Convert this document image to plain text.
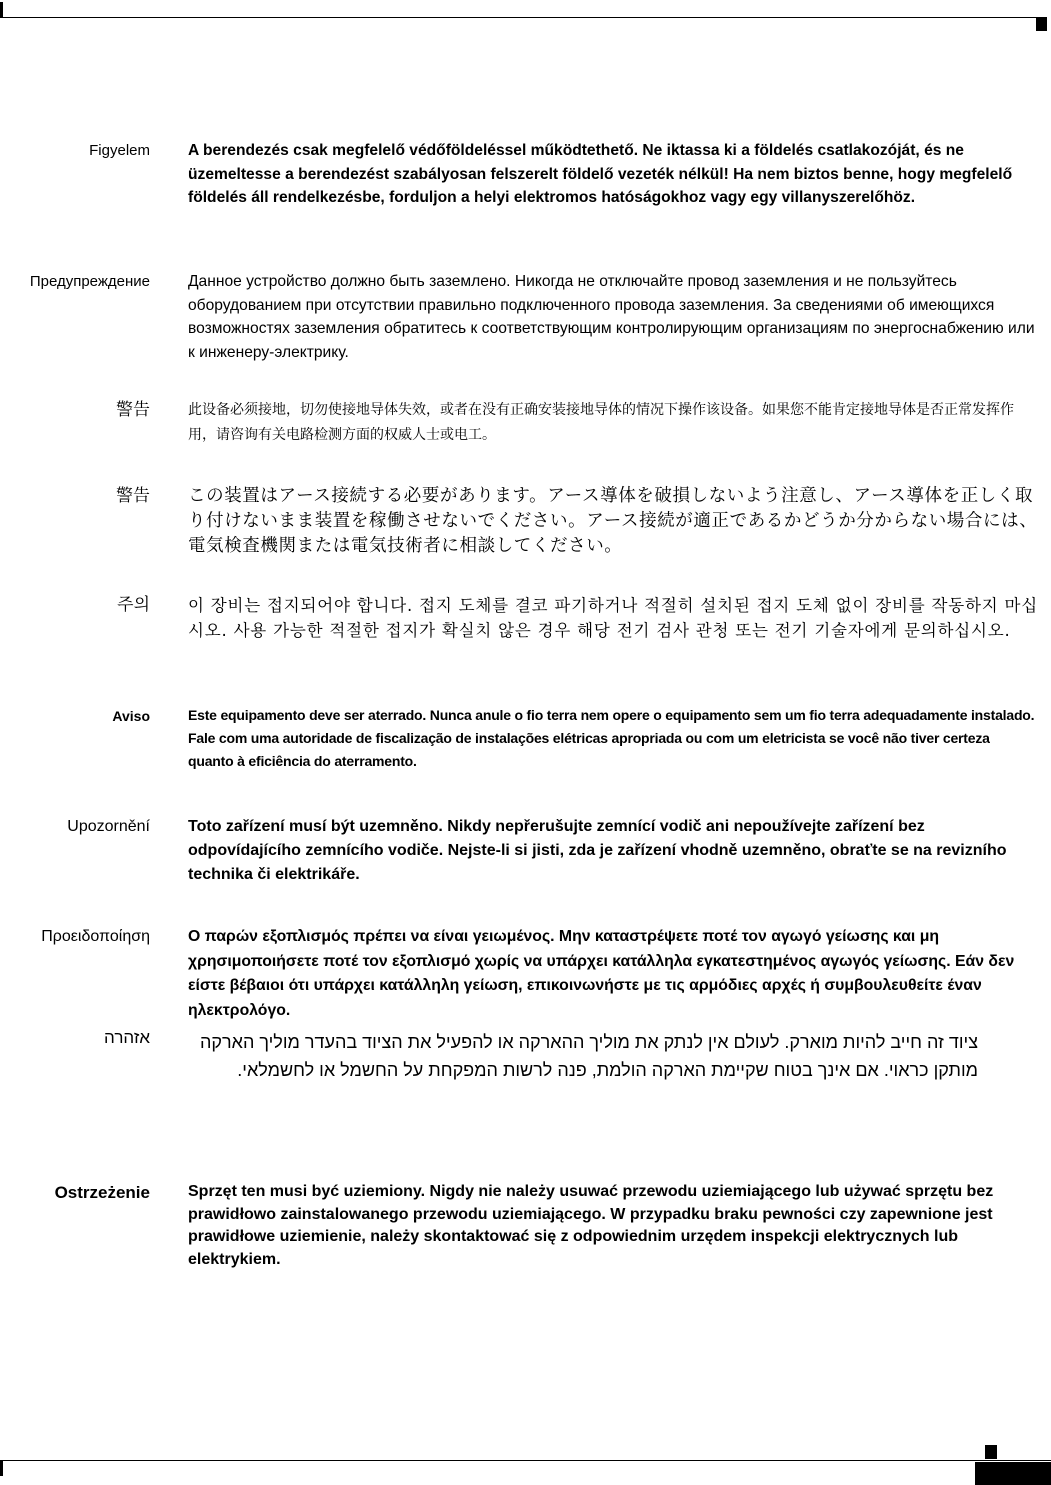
Figyelem A berendezés csak megfelelő védőföldeléssel működtethető. Ne iktassa ki a földelés csatlakozóját, és ne üzemeltesse a berendezést szabályosan felszerelt földelő vezeték nélkül! Ha nem biztos benne, hogy megfelelő földelés áll rendelkezésbe, forduljon a helyi elektromos hatóságokhoz vagy egy villanyszerelőhöz.
Предупреждение Данное устройство должно быть заземлено. Никогда не отключайте провод заземления и не пользуйтесь оборудованием при отсутствии правильно подключенного провода заземления. За сведениями об имеющихся возможностях заземления обратитесь к соответствующим контролирующим организациям по энергоснабжению или к инженеру-электрику.
警告	此设备必须接地，切勿使接地导体失效，或者在没有正确安装接地导体的情况下操作该设备。如果您不能肯定接地导体是否正常发挥作用，请咨询有关电路检测方面的权威人士或电工。
警告 この装置はアース接続する必要があります。アース導体を破損しないよう注意し、アース導体を正しく取り付けないまま装置を稼働させないでください。アース接続が適正であるかどうか分からない場合には、電気検査機関または電気技術者に相談してください。
주의 이 장비는 접지되어야 합니다. 접지 도체를 결코 파기하거나 적절히 설치된 접지 도체 없이 장비를 작동하지 마십시오. 사용 가능한 적절한 접지가 확실치 않은 경우 해당 전기 검사 관청 또는 전기 기술자에게 문의하십시오.
Aviso	Este equipamento deve ser aterrado. Nunca anule o fio terra nem opere o equipamento sem um fio terra adequadamente instalado. Fale com uma autoridade de fiscalização de instalações elétricas apropriada ou com um eletricista se você não tiver certeza quanto à eficiência do aterramento.
Upozornění Toto zařízení musí být uzemněno. Nikdy nepřerušujte zemnící vodič ani nepoužívejte zařízení bez odpovídajícího zemnícího vodiče. Nejste-li si jisti, zda je zařízení vhodně uzemněno, obraťte se na revizního technika či elektrikáře.
Προειδοποίηση Ο παρών εξοπλισμός πρέπει να είναι γειωμένος. Μην καταστρέψετε ποτέ τον αγωγό γείωσης και μη χρησιμοποιήσετε ποτέ τον εξοπλισμό χωρίς να υπάρχει κατάλληλα εγκατεστημένος αγωγός γείωσης. Εάν δεν είστε βέβαιοι ότι υπάρχει κατάλληλη γείωση, επικοινωνήστε με τις αρμόδιες αρχές ή συμβουλευθείτε έναν ηλεκτρολόγο.
אזהרה	ציוד זה חייב להיות מוארק. לעולם אין לנתק את מוליך ההארקה או להפעיל את הציוד בהעדר מוליך הארקה מותקן כראוי. אם אינך בטוח שקיימת הארקה הולמת, פנה לרשות המפקחת על החשמל או לחשמלאי.
Ostrzeżenie Sprzęt ten musi być uziemiony. Nigdy nie należy usuwać przewodu uziemiającego lub używać sprzętu bez prawidłowo zainstalowanego przewodu uziemiającego. W przypadku braku pewności czy zapewnione jest prawidłowe uziemienie, należy skontaktować się z odpowiednim urzędem inspekcji elektrycznych lub elektrykiem.
